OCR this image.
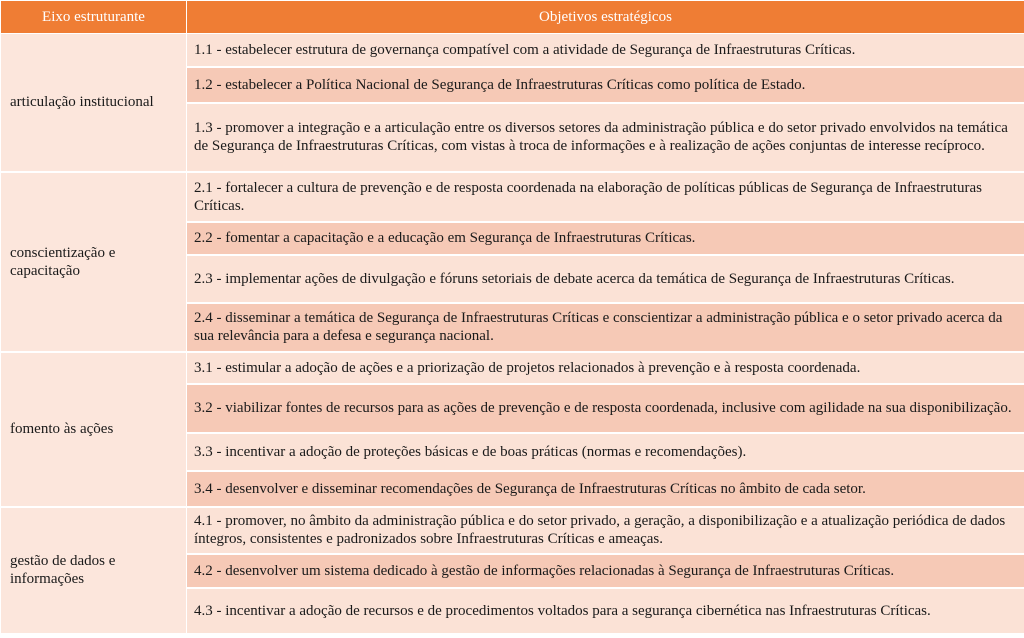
Eixo estruturante	Objetivos estratégicos
articulação institucional	1.1 - estabelecer estrutura de governança compatível com a atividade de Segurança de Infraestruturas Críticas.
	1.2 - estabelecer a Política Nacional de Segurança de Infraestruturas Críticas como política de Estado.
	1.3 - promover a integração e a articulação entre os diversos setores da administração pública e do setor privado envolvidos na temática de Segurança de Infraestruturas Críticas, com vistas à troca de informações e à realização de ações conjuntas de interesse recíproco.
conscientização e capacitação	2.1 - fortalecer a cultura de prevenção e de resposta coordenada na elaboração de políticas públicas de Segurança de Infraestruturas Críticas.
	2.2 - fomentar a capacitação e a educação em Segurança de Infraestruturas Críticas.
	2.3 - implementar ações de divulgação e fóruns setoriais de debate acerca da temática de Segurança de Infraestruturas Críticas.
	2.4 - disseminar a temática de Segurança de Infraestruturas Críticas e conscientizar a administração pública e o setor privado acerca da sua relevância para a defesa e segurança nacional.
fomento às ações	3.1 - estimular a adoção de ações e a priorização de projetos relacionados à prevenção e à resposta coordenada.
	3.2 - viabilizar fontes de recursos para as ações de prevenção e de resposta coordenada, inclusive com agilidade na sua disponibilização.
	3.3 - incentivar a adoção de proteções básicas e de boas práticas (normas e recomendações).
	3.4 - desenvolver e disseminar recomendações de Segurança de Infraestruturas Críticas no âmbito de cada setor.
gestão de dados e informações	4.1 - promover, no âmbito da administração pública e do setor privado, a geração, a disponibilização e a atualização periódica de dados íntegros, consistentes e padronizados sobre Infraestruturas Críticas e ameaças.
	4.2 - desenvolver um sistema dedicado à gestão de informações relacionadas à Segurança de Infraestruturas Críticas.
	4.3 - incentivar a adoção de recursos e de procedimentos voltados para a segurança cibernética nas Infraestruturas Críticas.
